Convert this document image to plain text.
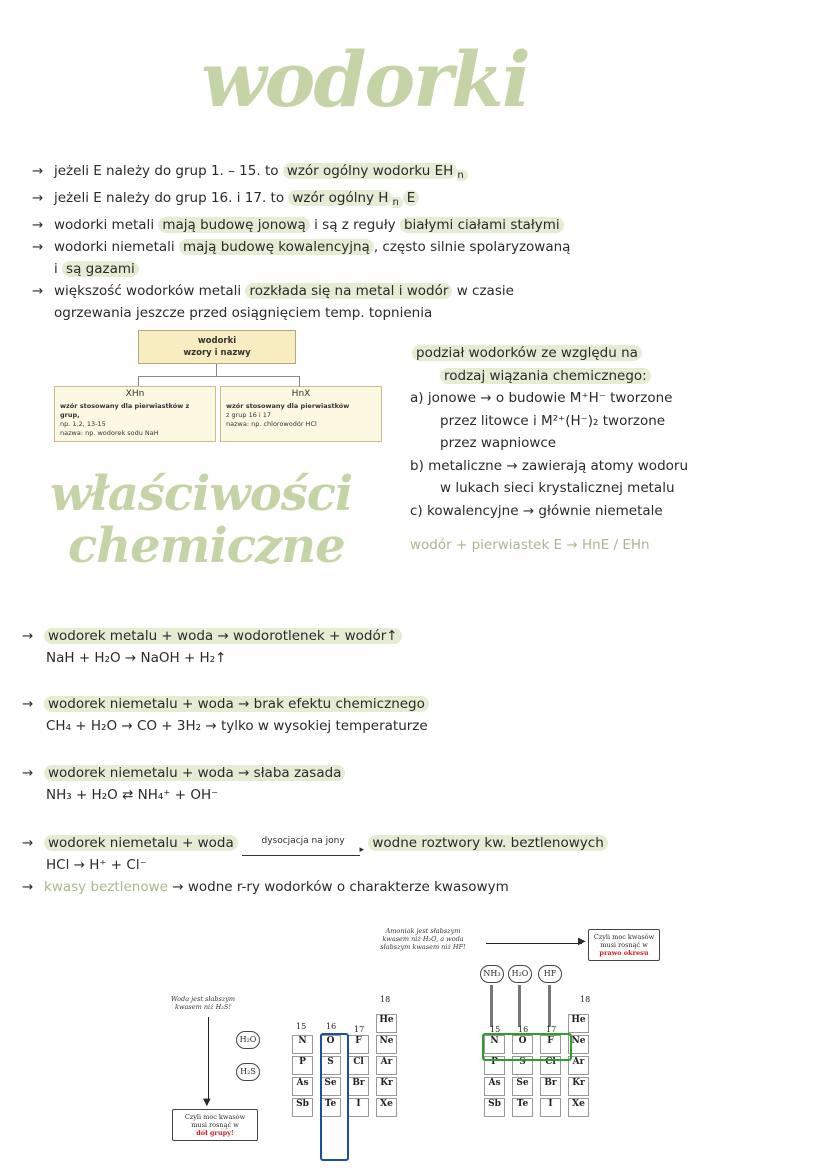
wodorki
→ jeżeli E należy do grup 1. – 15. to wzór ogólny wodorku EH $_n$
→ jeżeli E należy do grup 16. i 17. to wzór ogólny H $_n$ E
→ wodorki metali mają budowę jonową i są z reguły białymi ciałami stałymi
→ wodorki niemetali mają budowę kowalencyjną , często silnie spolaryzowaną
i są gazami
→ większość wodorków metali rozkłada się na metal i wodór w czasie
ogrzewania jeszcze przed osiągnięciem temp. topnienia
wodorki
wzory i nazwy
XHn
wzór stosowany dla pierwiastków z grup,
np. 1,2, 13-15
nazwa: np. wodorek sodu NaH
HnX
wzór stosowany dla pierwiastków
z grup 16 i 17
nazwa: np. chlorowodór HCl
właściwości
chemiczne
podział wodorków ze względu na
rodzaj wiązania chemicznego:
a) jonowe → o budowie M⁺H⁻ tworzone
przez litowce i M²⁺(H⁻)₂ tworzone
przez wapniowce
b) metaliczne → zawierają atomy wodoru
w lukach sieci krystalicznej metalu
c) kowalencyjne → głównie niemetale
wodór + pierwiastek E → HnE / EHn
→ wodorek metalu + woda → wodorotlenek + wodór↑
NaH + H₂O → NaOH + H₂↑
→ wodorek niemetalu + woda → brak efektu chemicznego
CH₄ + H₂O → CO + 3H₂ → tylko w wysokiej temperaturze
→ wodorek niemetalu + woda → słaba zasada
NH₃ + H₂O ⇄ NH₄⁺ + OH⁻
→ wodorek niemetalu + woda	dysocjacja na jony
▸ wodne roztwory kw. beztlenowych
HCl → H⁺ + Cl⁻
→ kwasy beztlenowe → wodne r-ry wodorków o charakterze kwasowym
Woda jest słabszym
kwasem niż H₂S!
▼
Czyli moc kwasów
musi rosnąć w
dół grupy!
H₂O
H₂S
15 16 17
18
N	O	F	Ne
P	S	Cl	Ar
As	Se	Br	Kr
Sb	Te	I	Xe
He
Amoniak jest słabszym
kwasem niż H₂O, a woda
słabszym kwasem niż HF!	▶ Czyli moc kwasów
musi rosnąć w
prawo okresu
NH₃	H₂O	HF
15 16 17
18
N	O	F	Ne
P	S	Cl	Ar
As	Se	Br	Kr
Sb	Te	I	Xe
He
